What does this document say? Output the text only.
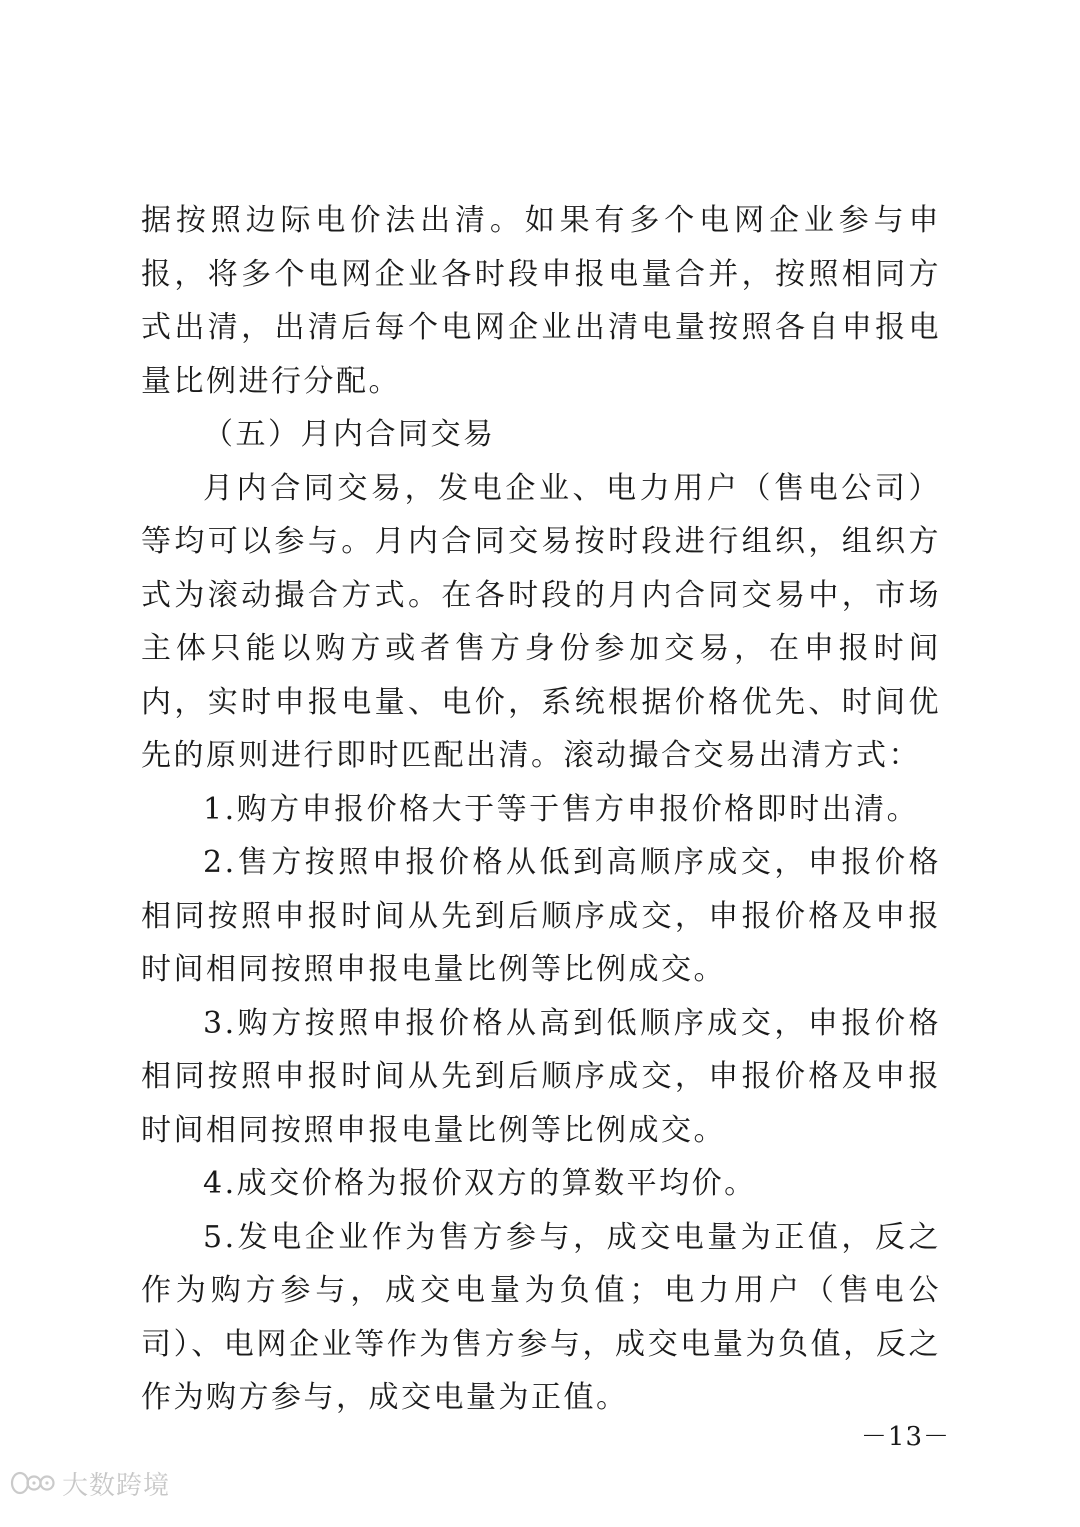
据按照边际电价法出清。如果有多个电网企业参与申报，将多个电网企业各时段申报电量合并，按照相同方式出清，出清后每个电网企业出清电量按照各自申报电量比例进行分配。

（五）月内合同交易

月内合同交易，发电企业、电力用户（售电公司）等均可以参与。月内合同交易按时段进行组织，组织方式为滚动撮合方式。在各时段的月内合同交易中，市场主体只能以购方或者售方身份参加交易，在申报时间内，实时申报电量、电价，系统根据价格优先、时间优先的原则进行即时匹配出清。滚动撮合交易出清方式：

1.购方申报价格大于等于售方申报价格即时出清。

2.售方按照申报价格从低到高顺序成交，申报价格相同按照申报时间从先到后顺序成交，申报价格及申报时间相同按照申报电量比例等比例成交。

3.购方按照申报价格从高到低顺序成交，申报价格相同按照申报时间从先到后顺序成交，申报价格及申报时间相同按照申报电量比例等比例成交。

4.成交价格为报价双方的算数平均价。

5.发电企业作为售方参与，成交电量为正值，反之作为购方参与，成交电量为负值；电力用户（售电公司）、电网企业等作为售方参与，成交电量为负值，反之作为购方参与，成交电量为正值。

－13－
大数跨境
